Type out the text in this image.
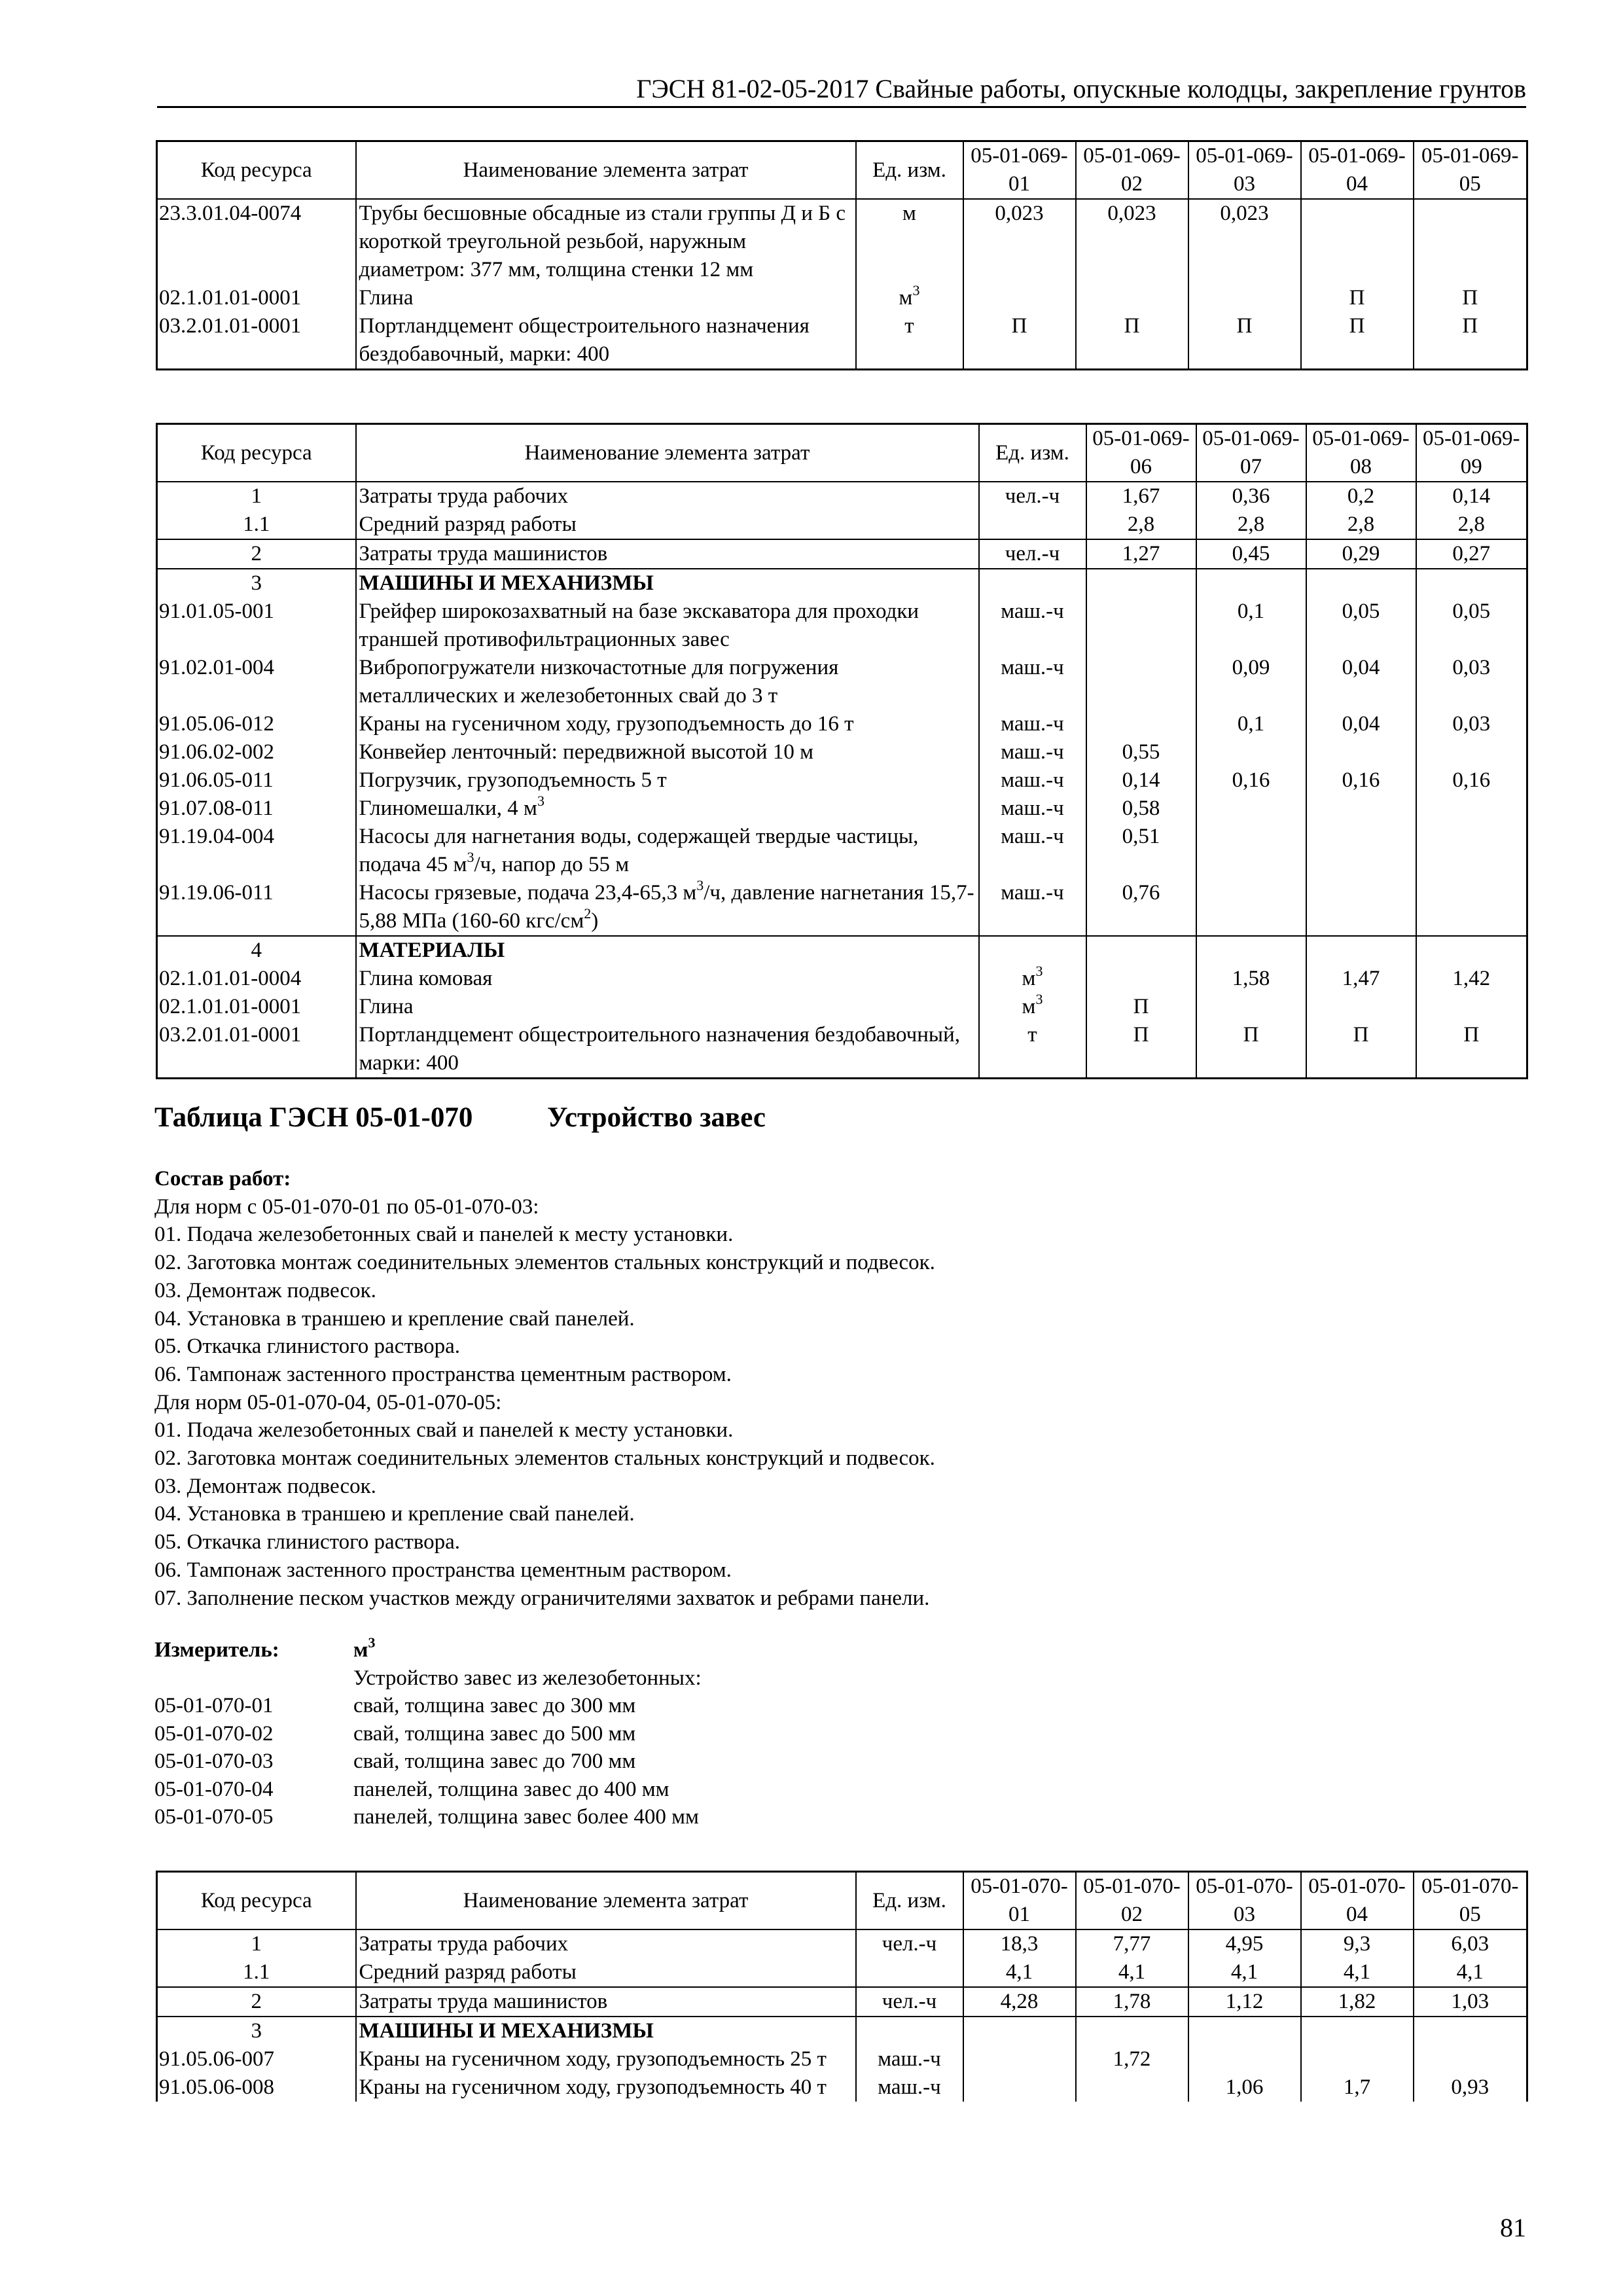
ГЭСН 81-02-05-2017 Свайные работы, опускные колодцы, закрепление грунтов
Код ресурса	Наименование элемента затрат	Ед. изм.	05-01-069-01	05-01-069-02	05-01-069-03	05-01-069-04	05-01-069-05
23.3.01.04-0074	Трубы бесшовные обсадные из стали группы Д и Б с короткой треугольной резьбой, наружным диаметром: 377 мм, толщина стенки 12 мм	м	0,023	0,023	0,023		
02.1.01.01-0001	Глина	$м^3$				П	П
03.2.01.01-0001	Портландцемент общестроительного назначения бездобавочный, марки: 400	т	П	П	П	П	П
Код ресурса	Наименование элемента затрат	Ед. изм.	05-01-069-06	05-01-069-07	05-01-069-08	05-01-069-09
1	Затраты труда рабочих	чел.-ч	1,67	0,36	0,2	0,14
1.1	Средний разряд работы		2,8	2,8	2,8	2,8
2	Затраты труда машинистов	чел.-ч	1,27	0,45	0,29	0,27
3	МАШИНЫ И МЕХАНИЗМЫ					
91.01.05-001	Грейфер широкозахватный на базе экскаватора для проходки траншей противофильтрационных завес	маш.-ч		0,1	0,05	0,05
91.02.01-004	Вибропогружатели низкочастотные для погружения металлических и железобетонных свай до 3 т	маш.-ч		0,09	0,04	0,03
91.05.06-012	Краны на гусеничном ходу, грузоподъемность до 16 т	маш.-ч		0,1	0,04	0,03
91.06.02-002	Конвейер ленточный: передвижной высотой 10 м	маш.-ч	0,55			
91.06.05-011	Погрузчик, грузоподъемность 5 т	маш.-ч	0,14	0,16	0,16	0,16
91.07.08-011	Глиномешалки, 4 $м^3$	маш.-ч	0,58			
91.19.04-004	Насосы для нагнетания воды, содержащей твердые частицы, подача 45 $м^3/ч$, напор до 55 м	маш.-ч	0,51			
91.19.06-011	Насосы грязевые, подача 23,4-65,3 $м^3/ч$, давление нагнетания 15,7-5,88 МПа (160-60 кгс/$см^2$)	маш.-ч	0,76			
4	МАТЕРИАЛЫ					
02.1.01.01-0004	Глина комовая	$м^3$		1,58	1,47	1,42
02.1.01.01-0001	Глина	$м^3$	П			
03.2.01.01-0001	Портландцемент общестроительного назначения бездобавочный, марки: 400	т	П	П	П	П
Таблица ГЭСН 05-01-070	Устройство завес
Состав работ:
Для норм с 05-01-070-01 по 05-01-070-03:
01. Подача железобетонных свай и панелей к месту установки.
02. Заготовка монтаж соединительных элементов стальных конструкций и подвесок.
03. Демонтаж подвесок.
04. Установка в траншею и крепление свай панелей.
05. Откачка глинистого раствора.
06. Тампонаж застенного пространства цементным раствором.
Для норм 05-01-070-04, 05-01-070-05:
01. Подача железобетонных свай и панелей к месту установки.
02. Заготовка монтаж соединительных элементов стальных конструкций и подвесок.
03. Демонтаж подвесок.
04. Установка в траншею и крепление свай панелей.
05. Откачка глинистого раствора.
06. Тампонаж застенного пространства цементным раствором.
07. Заполнение песком участков между ограничителями захваток и ребрами панели.
Измеритель:	$м^3$
Устройство завес из железобетонных:
05-01-070-01	свай, толщина завес до 300 мм
05-01-070-02	свай, толщина завес до 500 мм
05-01-070-03	свай, толщина завес до 700 мм
05-01-070-04	панелей, толщина завес до 400 мм
05-01-070-05	панелей, толщина завес более 400 мм
Код ресурса	Наименование элемента затрат	Ед. изм.	05-01-070-01	05-01-070-02	05-01-070-03	05-01-070-04	05-01-070-05
1	Затраты труда рабочих	чел.-ч	18,3	7,77	4,95	9,3	6,03
1.1	Средний разряд работы		4,1	4,1	4,1	4,1	4,1
2	Затраты труда машинистов	чел.-ч	4,28	1,78	1,12	1,82	1,03
3	МАШИНЫ И МЕХАНИЗМЫ						
91.05.06-007	Краны на гусеничном ходу, грузоподъемность 25 т	маш.-ч		1,72			
91.05.06-008	Краны на гусеничном ходу, грузоподъемность 40 т	маш.-ч			1,06	1,7	0,93
81
